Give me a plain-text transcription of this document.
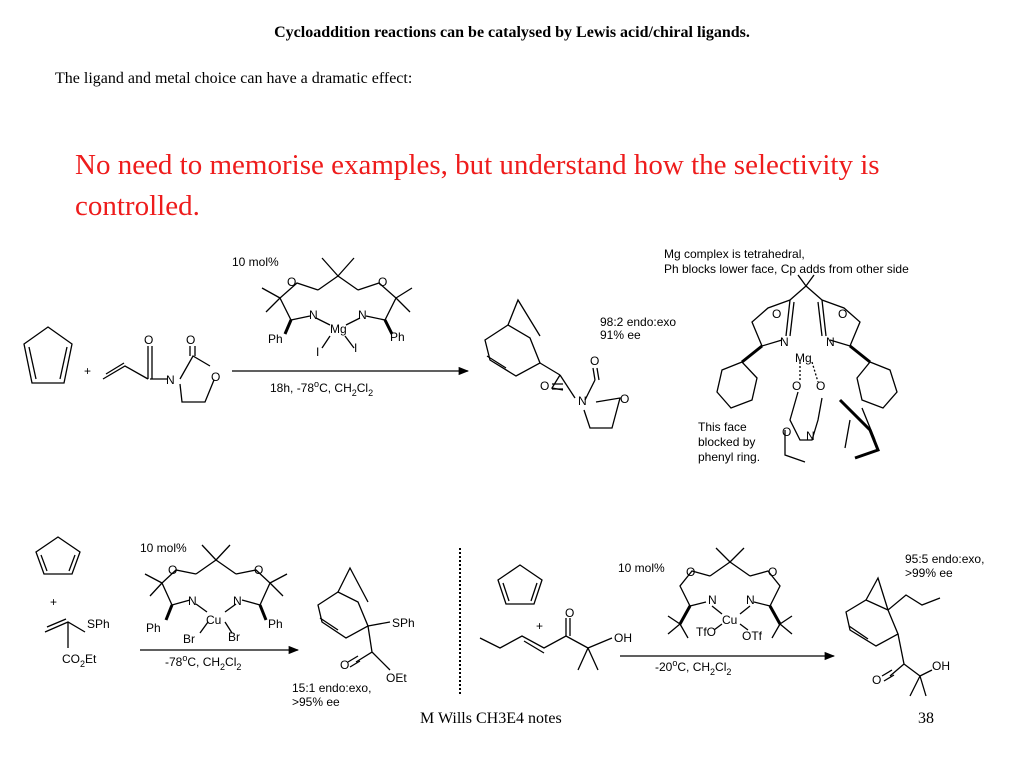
Cycloaddition reactions can be catalysed by Lewis acid/chiral ligands.
The ligand and metal choice can have a dramatic effect:
No need to memorise examples, but understand how the selectivity is controlled.
+
O	O
N	O
10 mol%
O	O
N	N
Mg
Ph	Ph
I	I
18h, -78$^o$C, $CH_2Cl_2$	O
N
O
O
98:2 endo:exo
91% ee
Mg complex is tetrahedral,
Ph blocks lower face, Cp adds from other side
O	O
N	N
Mg
O O
O N
This face
blocked by
phenyl ring.
+
SPh
$CO_2Et$
10 mol%
O	O
N	N
Cu
Ph	Ph
Br	Br
-78$^o$C, $CH_2Cl_2$
SPh
O
OEt
15:1 endo:exo,
>95% ee
+
O
OH
10 mol% O	O
N N
Cu
TfO OTf
-20$^o$C, $CH_2Cl_2$
95:5 endo:exo,
>99% ee
O
OH
M Wills CH3E4 notes	38
